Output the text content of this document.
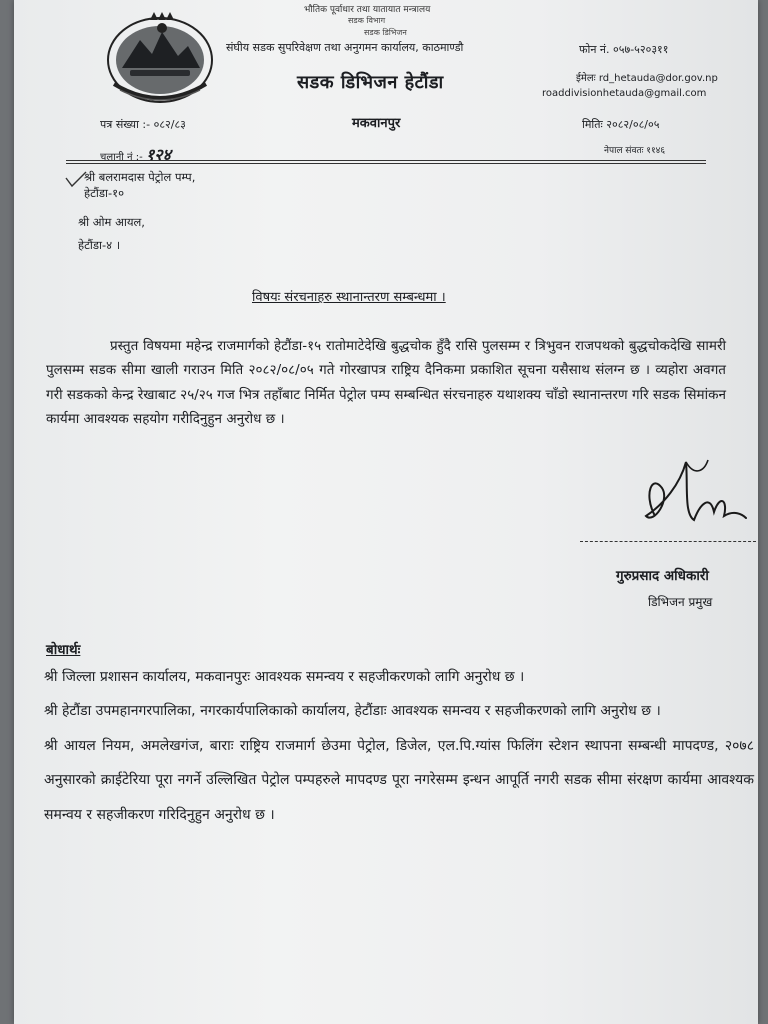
भौतिक पूर्वाधार तथा यातायात मन्त्रालय
सडक विभाग
सडक डिभिजन
संघीय सडक सुपरिवेक्षण तथा अनुगमन कार्यालय, काठमाण्डौ
सडक डिभिजन हेटौंडा
फोन नं. ०५७-५२०३११
ईमेलः rd_hetauda@dor.gov.np
roaddivisionhetauda@gmail.com
पत्र संख्या :- ०८२/८३	मकवानपुर	मितिः २०८२/०८/०५
चलानी नं :- १२४	नेपाल संवतः ११४६
श्री बलरामदास पेट्रोल पम्प,
हेटौंडा-१०
श्री ओम आयल,
हेटौंडा-४ ।
विषयः संरचनाहरु स्थानान्तरण सम्बन्धमा ।

प्रस्तुत विषयमा महेन्द्र राजमार्गको हेटौंडा-१५ रातोमाटेदेखि बुद्धचोक हुँदै रासि पुलसम्म र त्रिभुवन राजपथको बुद्धचोकदेखि सामरी पुलसम्म सडक सीमा खाली गराउन मिति २०८२/०८/०५ गते गोरखापत्र राष्ट्रिय दैनिकमा प्रकाशित सूचना यसैसाथ संलग्न छ । व्यहोरा अवगत गरी सडकको केन्द्र रेखाबाट २५/२५ गज भित्र तहाँबाट निर्मित पेट्रोल पम्प सम्बन्धित संरचनाहरु यथाशक्य चाँडो स्थानान्तरण गरि सडक सिमांकन कार्यमा आवश्यक सहयोग गरीदिनुहुन अनुरोध छ ।

गुरुप्रसाद अधिकारी
डिभिजन प्रमुख
बोधार्थः

श्री जिल्ला प्रशासन कार्यालय, मकवानपुरः आवश्यक समन्वय र सहजीकरणको लागि अनुरोध छ ।

श्री हेटौंडा उपमहानगरपालिका, नगरकार्यपालिकाको कार्यालय, हेटौंडाः आवश्यक समन्वय र सहजीकरणको लागि अनुरोध छ ।

श्री आयल नियम, अमलेखगंज, बाराः राष्ट्रिय राजमार्ग छेउमा पेट्रोल, डिजेल, एल.पि.ग्यांस फिलिंग स्टेशन स्थापना सम्बन्धी मापदण्ड, २०७८ अनुसारको क्राईटेरिया पूरा नगर्ने उल्लिखित पेट्रोल पम्पहरुले मापदण्ड पूरा नगरेसम्म इन्धन आपूर्ति नगरी सडक सीमा संरक्षण कार्यमा आवश्यक समन्वय र सहजीकरण गरिदिनुहुन अनुरोध छ ।
